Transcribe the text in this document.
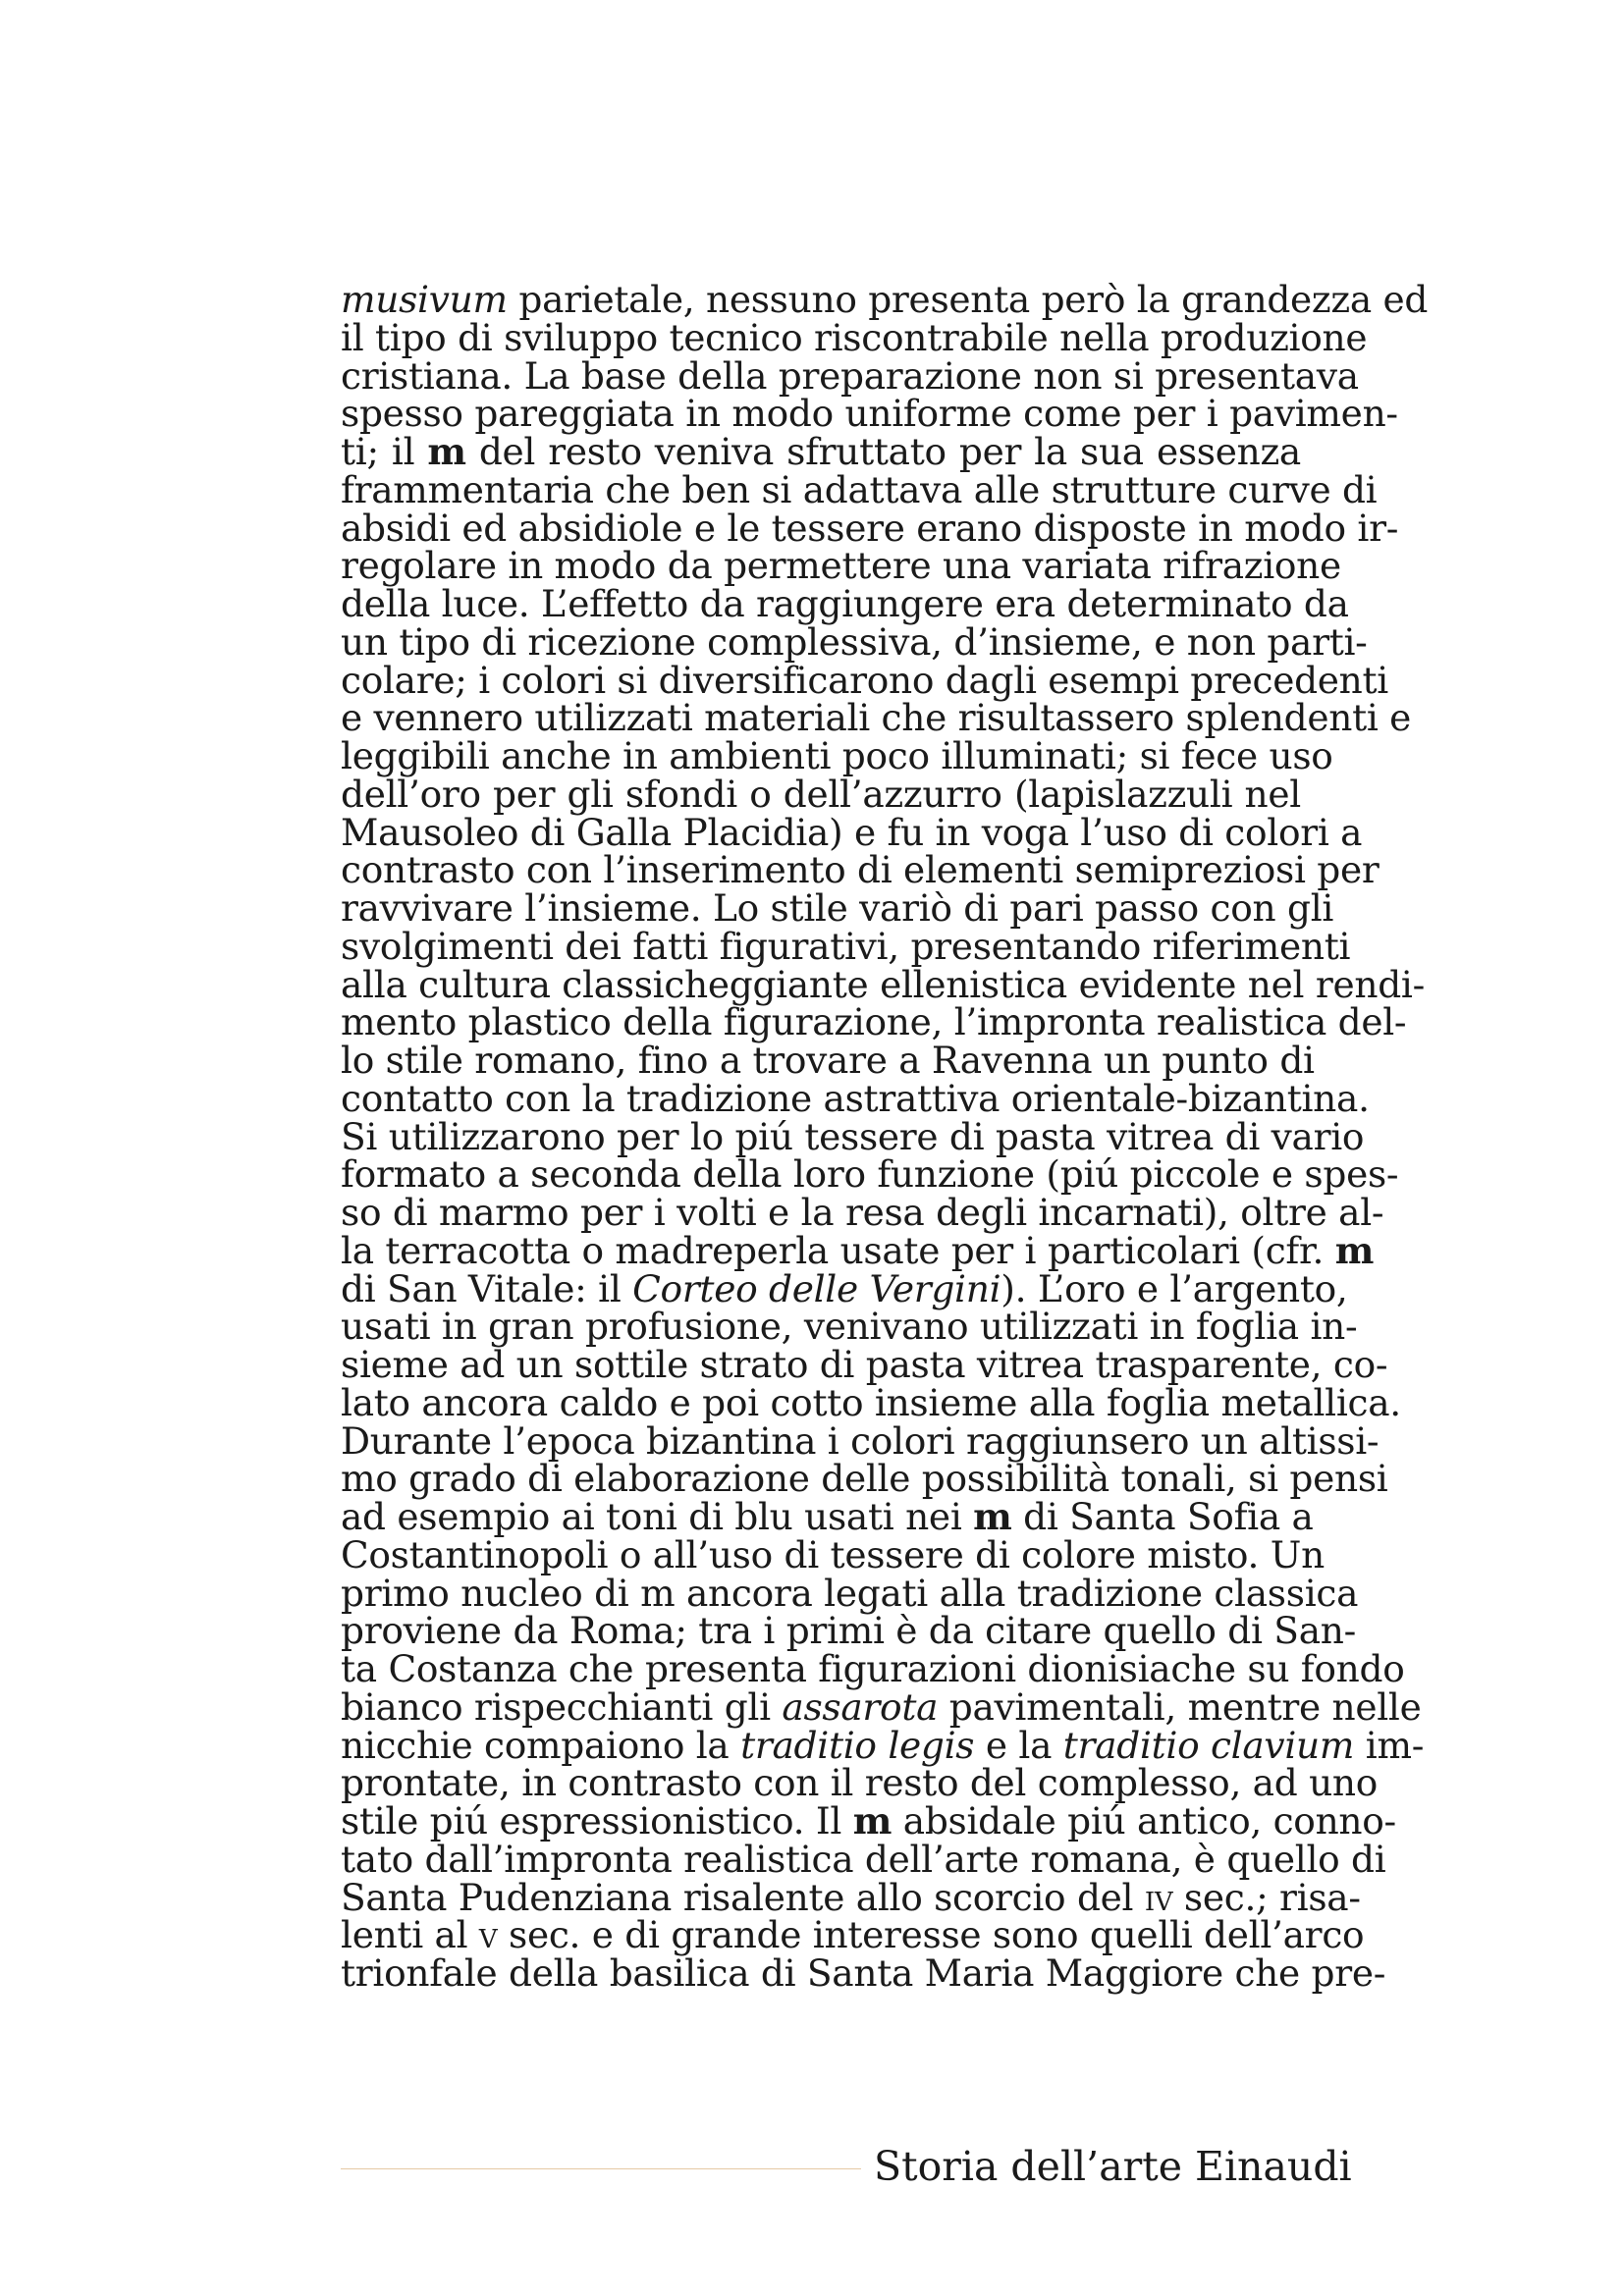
musivum parietale, nessuno presenta però la grandezza ed
il tipo di sviluppo tecnico riscontrabile nella produzione
cristiana. La base della preparazione non si presentava
spesso pareggiata in modo uniforme come per i pavimen-
ti; il m del resto veniva sfruttato per la sua essenza
frammentaria che ben si adattava alle strutture curve di
absidi ed absidiole e le tessere erano disposte in modo ir-
regolare in modo da permettere una variata rifrazione
della luce. L’effetto da raggiungere era determinato da
un tipo di ricezione complessiva, d’insieme, e non parti-
colare; i colori si diversificarono dagli esempi precedenti
e vennero utilizzati materiali che risultassero splendenti e
leggibili anche in ambienti poco illuminati; si fece uso
dell’oro per gli sfondi o dell’azzurro (lapislazzuli nel
Mausoleo di Galla Placidia) e fu in voga l’uso di colori a
contrasto con l’inserimento di elementi semipreziosi per
ravvivare l’insieme. Lo stile variò di pari passo con gli
svolgimenti dei fatti figurativi, presentando riferimenti
alla cultura classicheggiante ellenistica evidente nel rendi-
mento plastico della figurazione, l’impronta realistica del-
lo stile romano, fino a trovare a Ravenna un punto di
contatto con la tradizione astrattiva orientale-bizantina.
Si utilizzarono per lo piú tessere di pasta vitrea di vario
formato a seconda della loro funzione (piú piccole e spes-
so di marmo per i volti e la resa degli incarnati), oltre al-
la terracotta o madreperla usate per i particolari (cfr. m
di San Vitale: il Corteo delle Vergini). L’oro e l’argento,
usati in gran profusione, venivano utilizzati in foglia in-
sieme ad un sottile strato di pasta vitrea trasparente, co-
lato ancora caldo e poi cotto insieme alla foglia metallica.
Durante l’epoca bizantina i colori raggiunsero un altissi-
mo grado di elaborazione delle possibilità tonali, si pensi
ad esempio ai toni di blu usati nei m di Santa Sofia a
Costantinopoli o all’uso di tessere di colore misto. Un
primo nucleo di m ancora legati alla tradizione classica
proviene da Roma; tra i primi è da citare quello di San-
ta Costanza che presenta figurazioni dionisiache su fondo
bianco rispecchianti gli assarota pavimentali, mentre nelle
nicchie compaiono la traditio legis e la traditio clavium im-
prontate, in contrasto con il resto del complesso, ad uno
stile piú espressionistico. Il m absidale piú antico, conno-
tato dall’impronta realistica dell’arte romana, è quello di
Santa Pudenziana risalente allo scorcio del iv sec.; risa-
lenti al v sec. e di grande interesse sono quelli dell’arco
trionfale della basilica di Santa Maria Maggiore che pre-
Storia dell’arte Einaudi
